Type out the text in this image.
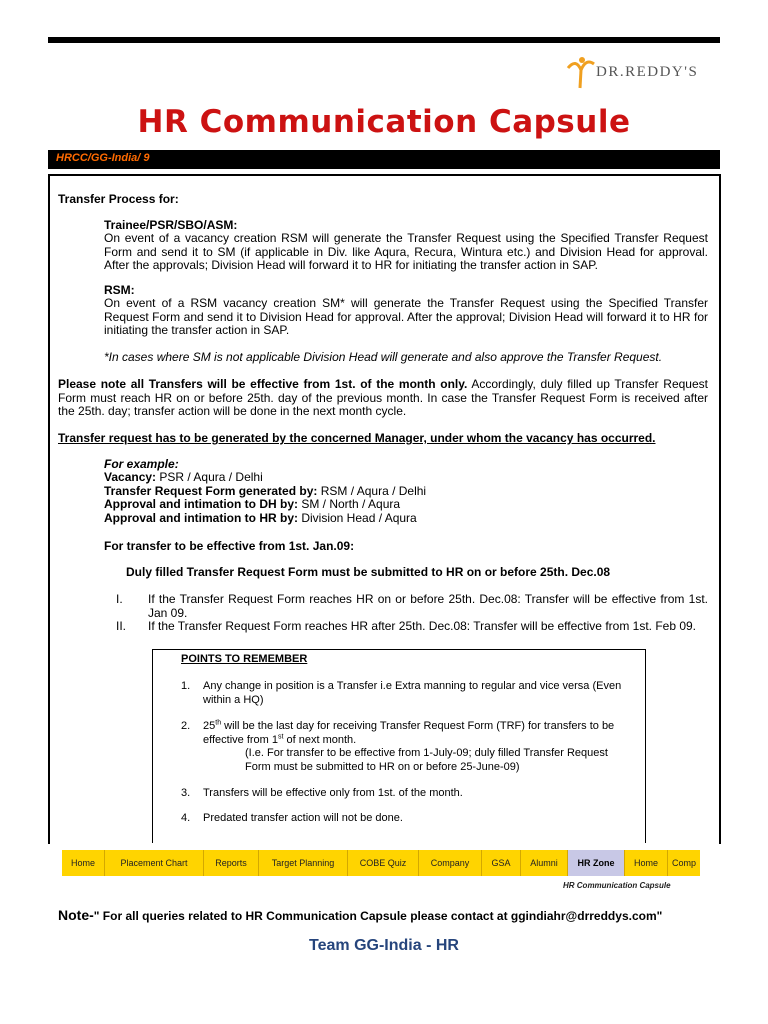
DR.REDDY'S
HR Communication Capsule
HRCC/GG-India/ 9
Transfer Process for:
Trainee/PSR/SBO/ASM:
On event of a vacancy creation RSM will generate the Transfer Request using the Specified Transfer Request Form and send it to SM (if applicable in Div. like Aqura, Recura, Wintura etc.) and Division Head for approval. After the approvals; Division Head will forward it to HR for initiating the transfer action in SAP.
RSM:
On event of a RSM vacancy creation SM* will generate the Transfer Request using the Specified Transfer Request Form and send it to Division Head for approval. After the approval; Division Head will forward it to HR for initiating the transfer action in SAP.
*In cases where SM is not applicable Division Head will generate and also approve the Transfer Request.
Please note all Transfers will be effective from 1st. of the month only. Accordingly, duly filled up Transfer Request Form must reach HR on or before 25th. day of the previous month. In case the Transfer Request Form is received after the 25th. day; transfer action will be done in the next month cycle.
Transfer request has to be generated by the concerned Manager, under whom the vacancy has occurred.
For example:
Vacancy: PSR / Aqura / Delhi
Transfer Request Form generated by: RSM / Aqura / Delhi
Approval and intimation to DH by: SM / North / Aqura
Approval and intimation to HR by: Division Head / Aqura
For transfer to be effective from 1st. Jan.09:
Duly filled Transfer Request Form must be submitted to HR on or before 25th. Dec.08
I. If the Transfer Request Form reaches HR on or before 25th. Dec.08: Transfer will be effective from 1st. Jan 09.
II. If the Transfer Request Form reaches HR after 25th. Dec.08: Transfer will be effective from 1st. Feb 09.
POINTS TO REMEMBER
1. Any change in position is a Transfer i.e Extra manning to regular and vice versa (Even within a HQ)
2. 25th will be the last day for receiving Transfer Request Form (TRF) for transfers to be effective from 1st of next month.
(I.e. For transfer to be effective from 1-July-09; duly filled Transfer Request Form must be submitted to HR on or before 25-June-09)
3. Transfers will be effective only from 1st. of the month.
4. Predated transfer action will not be done.
Home	Placement Chart	Reports	Target Planning	COBE Quiz	Company	GSA	Alumni	HR Zone	Home	Comp
HR Communication Capsule
Note-" For all queries related to HR Communication Capsule please contact at ggindiahr@drreddys.com"
Team GG-India - HR
